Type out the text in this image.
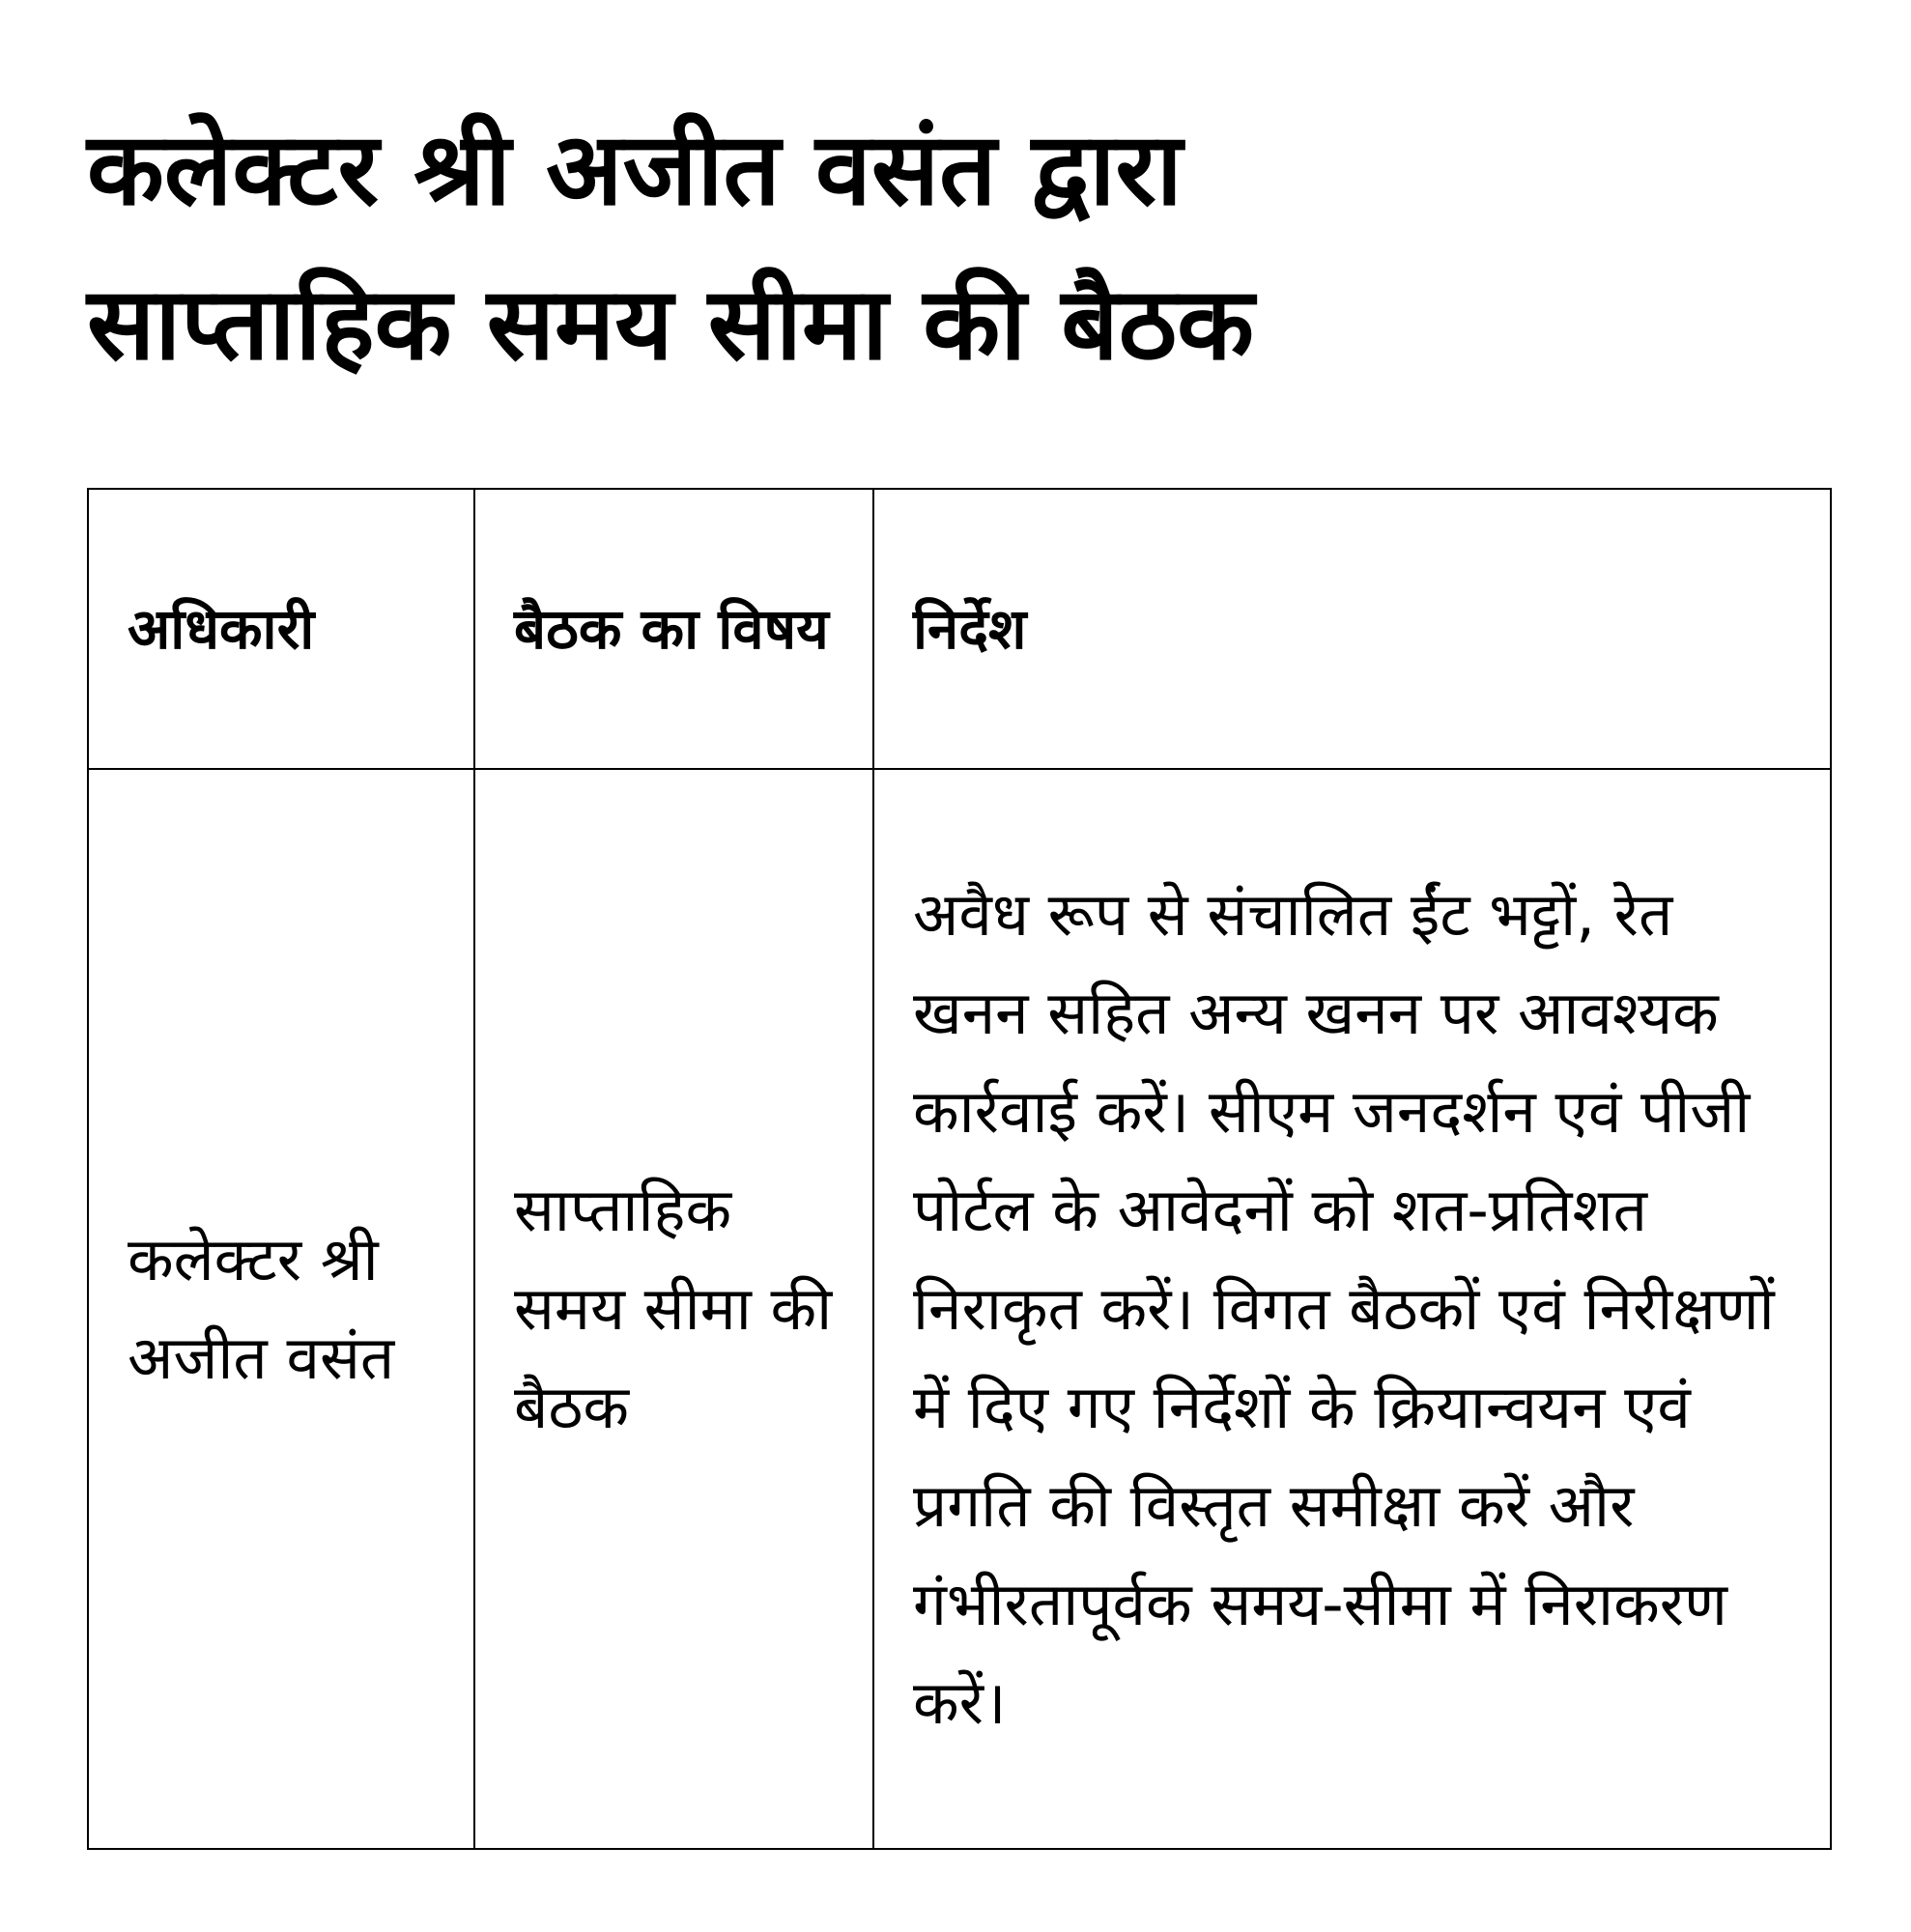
कलेक्टर श्री अजीत वसंत द्वारा
साप्ताहिक समय सीमा की बैठक
अधिकारी	बैठक का विषय	निर्देश
कलेक्टर श्री अजीत वसंत	साप्ताहिक समय सीमा की बैठक	अवैध रूप से संचालित ईंट भट्टों, रेत खनन सहित अन्य खनन पर आवश्यक कार्रवाई करें। सीएम जनदर्शन एवं पीजी पोर्टल के आवेदनों को शत-प्रतिशत निराकृत करें। विगत बैठकों एवं निरीक्षणों में दिए गए निर्देशों के क्रियान्वयन एवं प्रगति की विस्तृत समीक्षा करें और गंभीरतापूर्वक समय-सीमा में निराकरण करें।
